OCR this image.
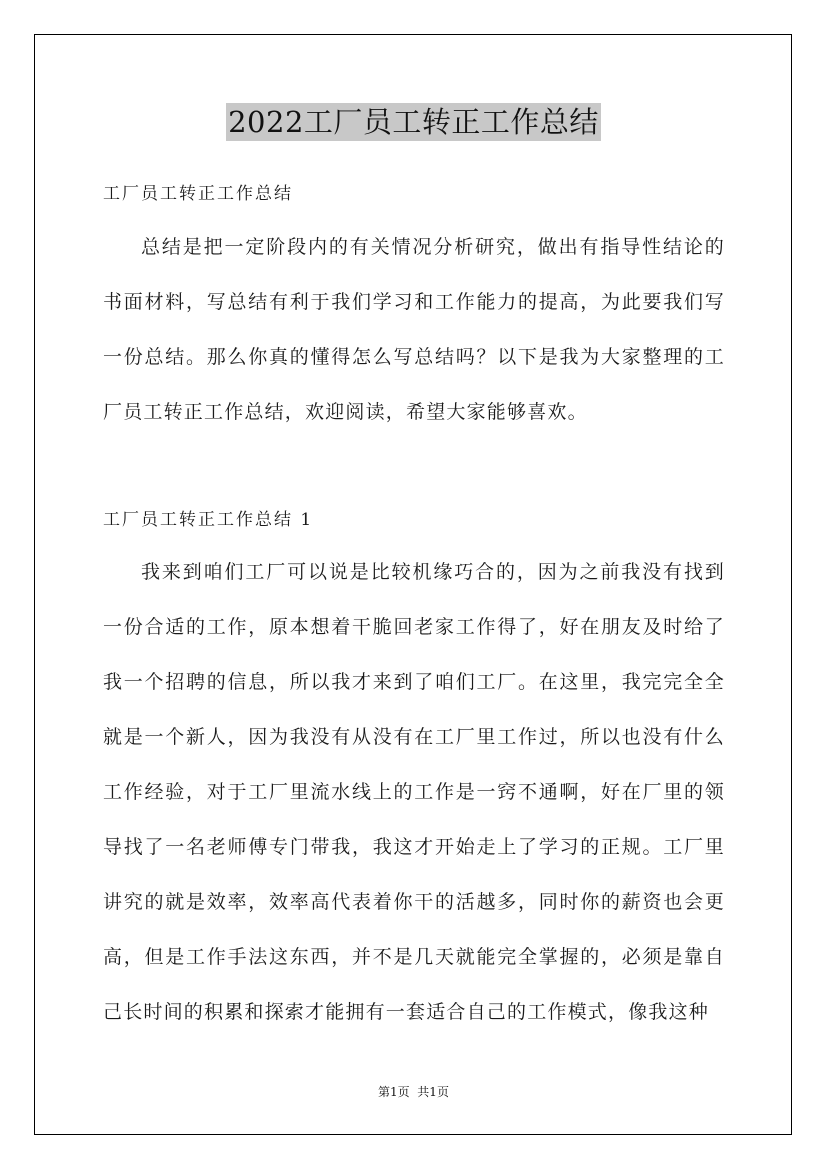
2022工厂员工转正工作总结
工厂员工转正工作总结
总结是把一定阶段内的有关情况分析研究，做出有指导性结论的书面材料，写总结有利于我们学习和工作能力的提高，为此要我们写一份总结。那么你真的懂得怎么写总结吗？以下是我为大家整理的工厂员工转正工作总结，欢迎阅读，希望大家能够喜欢。
工厂员工转正工作总结 1
我来到咱们工厂可以说是比较机缘巧合的，因为之前我没有找到一份合适的工作，原本想着干脆回老家工作得了，好在朋友及时给了我一个招聘的信息，所以我才来到了咱们工厂。在这里，我完完全全就是一个新人，因为我没有从没有在工厂里工作过，所以也没有什么工作经验，对于工厂里流水线上的工作是一窍不通啊，好在厂里的领导找了一名老师傅专门带我，我这才开始走上了学习的正规。工厂里讲究的就是效率，效率高代表着你干的活越多，同时你的薪资也会更高，但是工作手法这东西，并不是几天就能完全掌握的，必须是靠自己长时间的积累和探索才能拥有一套适合自己的工作模式，像我这种
第1页  共1页
